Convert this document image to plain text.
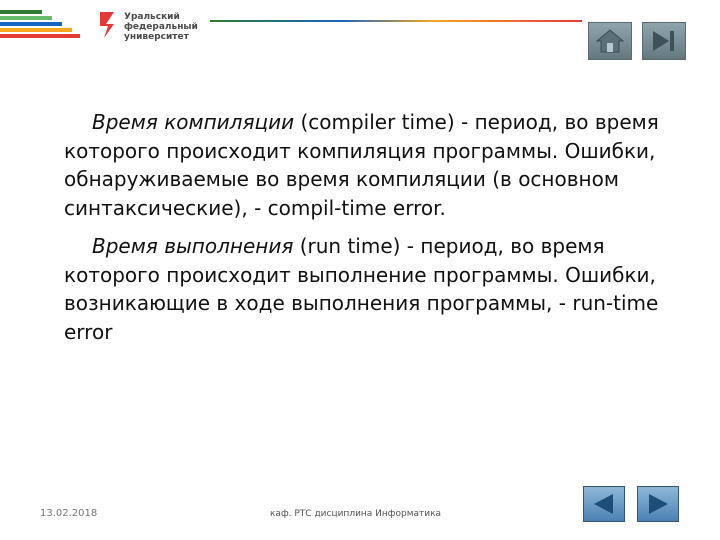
Уральский
федеральный
университет

Время компиляции (compiler time) - период, во время которого происходит компиляция программы. Ошибки, обнаруживаемые во время компиляции (в основном синтаксические), - compil-time error.

Время выполнения (run time) - период, во время которого происходит выполнение программы. Ошибки, возникающие в ходе выполнения программы, - run-time error

13.02.2018	каф. РТС дисциплина Информатика
